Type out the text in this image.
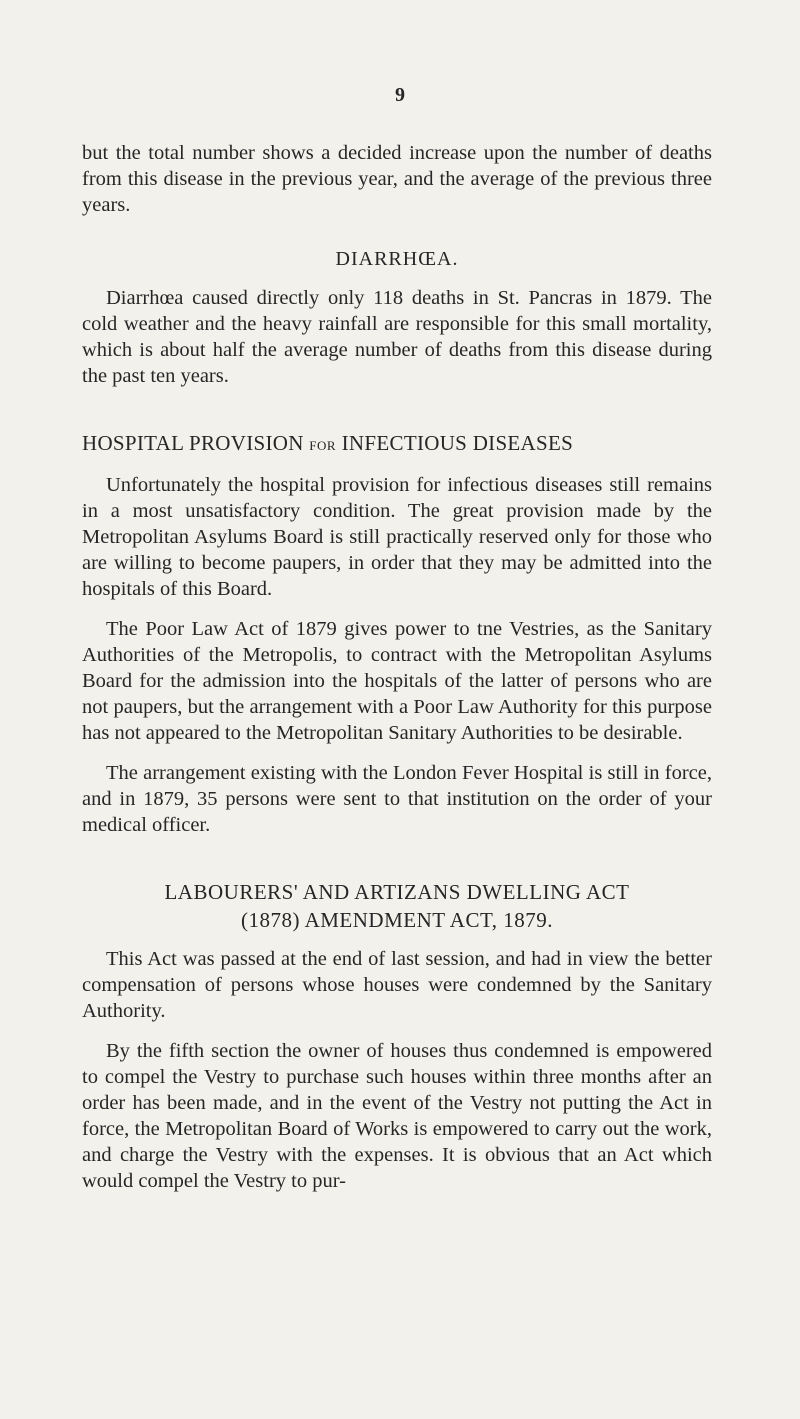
9

but the total number shows a decided increase upon the number of deaths from this disease in the previous year, and the average of the previous three years.

DIARRHŒA.

Diarrhœa caused directly only 118 deaths in St. Pancras in 1879. The cold weather and the heavy rainfall are responsible for this small mortality, which is about half the average number of deaths from this disease during the past ten years.

HOSPITAL PROVISION FOR INFECTIOUS DISEASES

Unfortunately the hospital provision for infectious diseases still remains in a most unsatisfactory condition. The great provision made by the Metropolitan Asylums Board is still practically reserved only for those who are willing to become paupers, in order that they may be admitted into the hospitals of this Board.

The Poor Law Act of 1879 gives power to tne Vestries, as the Sanitary Authorities of the Metropolis, to contract with the Metropolitan Asylums Board for the admission into the hospitals of the latter of persons who are not paupers, but the arrangement with a Poor Law Authority for this purpose has not appeared to the Metropolitan Sanitary Authorities to be desirable.

The arrangement existing with the London Fever Hospital is still in force, and in 1879, 35 persons were sent to that institution on the order of your medical officer.

LABOURERS' AND ARTIZANS DWELLING ACT
(1878) AMENDMENT ACT, 1879.

This Act was passed at the end of last session, and had in view the better compensation of persons whose houses were condemned by the Sanitary Authority.

By the fifth section the owner of houses thus condemned is empowered to compel the Vestry to purchase such houses within three months after an order has been made, and in the event of the Vestry not putting the Act in force, the Metropolitan Board of Works is empowered to carry out the work, and charge the Vestry with the expenses. It is obvious that an Act which would compel the Vestry to pur-
